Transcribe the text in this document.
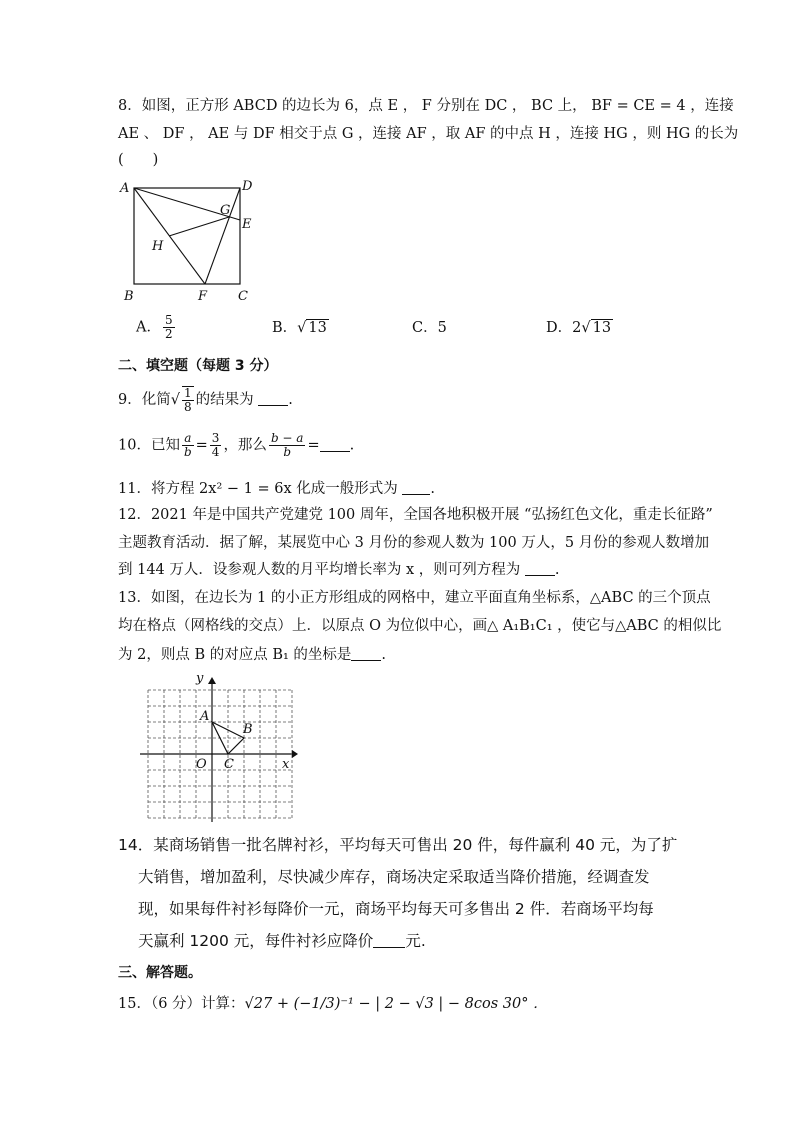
8．如图，正方形 ABCD 的边长为 6，点 E ， F 分别在 DC ， BC 上， BF = CE = 4 ，连接
AE 、 DF ， AE 与 DF 相交于点 G ，连接 AF ，取 AF 的中点 H ，连接 HG ，则 HG 的长为
(　　)
A	D
G
E
H
B	F C
A． $\frac{5}{2}$	B．√ 13	C．5	D．2√ 13
二、填空题（每题 3 分）
9．化简√ $\frac{1}{8}$ 的结果为 .
10．已知 $\frac{a}{b} = \frac{3}{4}$ ，那么 $\frac{b - a}{b}$ = .
11．将方程 2x² − 1 = 6x 化成一般形式为 .
12．2021 年是中国共产党建党 100 周年，全国各地积极开展 “弘扬红色文化，重走长征路”
主题教育活动．据了解，某展览中心 3 月份的参观人数为 100 万人，5 月份的参观人数增加
到 144 万人．设参观人数的月平均增长率为 x ，则可列方程为 .
13．如图，在边长为 1 的小正方形组成的网格中，建立平面直角坐标系，△ABC 的三个顶点
均在格点（网格线的交点）上．以原点 O 为位似中心，画△ A₁B₁C₁ ，使它与△ABC 的相似比
为 2，则点 B 的对应点 B₁ 的坐标是 .
y
x
A
B
O C
14．某商场销售一批名牌衬衫，平均每天可售出 20 件，每件赢利 40 元，为了扩
大销售，增加盈利，尽快减少库存，商场决定采取适当降价措施，经调查发
现，如果每件衬衫每降价一元，商场平均每天可多售出 2 件．若商场平均每
天赢利 1200 元，每件衬衫应降价 元.
三、解答题。
15．（6 分）计算：√27 + (−1/3)⁻¹ − | 2 − √3 | − 8cos 30° ．
